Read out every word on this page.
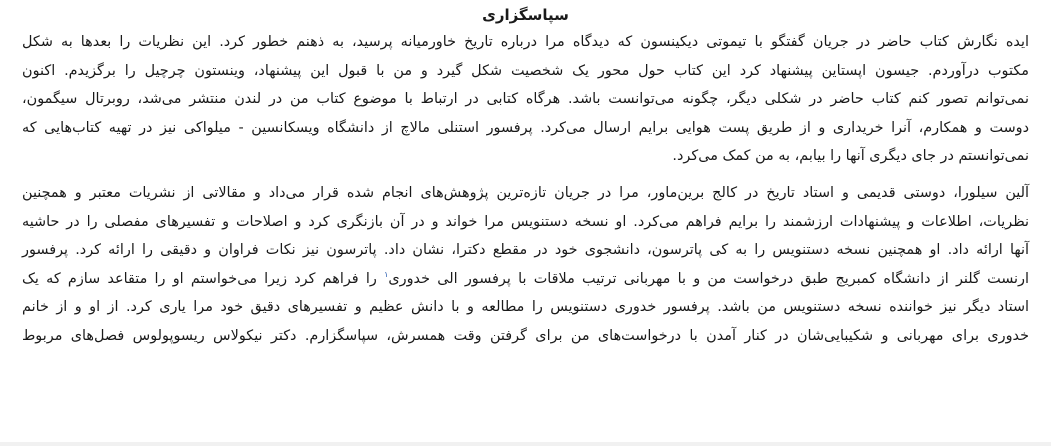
سپاسگزاری

ایده نگارش کتاب حاضر در جریان گفتگو با تیموتی دیکینسون که دیدگاه مرا درباره تاریخ خاورمیانه پرسید، به ذهنم خطور کرد. این نظریات را بعدها به شکل
مکتوب درآوردم. جیسون اپستاین پیشنهاد کرد این کتاب حول محور یک شخصیت شکل گیرد و من با قبول این پیشنهاد، وینستون چرچیل را برگزیدم. اکنون
نمی‌توانم تصور کنم کتاب حاضر در شکلی دیگر، چگونه می‌توانست باشد. هرگاه کتابی در ارتباط با موضوع کتاب من در لندن منتشر می‌شد، روبرتال سیگمون،
دوست و همکارم، آنرا خریداری و از طریق پست هوایی برایم ارسال می‌کرد. پرفسور استنلی مالاچ از دانشگاه ویسکانسین - میلواکی نیز در تهیه کتاب‌هایی که
نمی‌توانستم در جای دیگری آنها را بیابم، به من کمک می‌کرد.

آلین سیلورا، دوستی قدیمی و استاد تاریخ در کالج برین‌ماور، مرا در جریان تازه‌ترین پژوهش‌های انجام شده قرار می‌داد و مقالاتی از نشریات معتبر و همچنین
نظریات، اطلاعات و پیشنهادات ارزشمند را برایم فراهم می‌کرد. او نسخه دستنویس مرا خواند و در آن بازنگری کرد و اصلاحات و تفسیرهای مفصلی را در حاشیه
آنها ارائه داد. او همچنین نسخه دستنویس را به کی پاترسون، دانشجوی خود در مقطع دکترا، نشان داد. پاترسون نیز نکات فراوان و دقیقی را ارائه کرد. پرفسور
ارنست گلنر از دانشگاه کمبریج طبق درخواست من و با مهربانی ترتیب ملاقات با پرفسور الی خدوری$^۱$ را فراهم کرد زیرا می‌خواستم او را متقاعد سازم که یک
استاد دیگر نیز خواننده نسخه دستنویس من باشد. پرفسور خدوری دستنویس را مطالعه و با دانش عظیم و تفسیرهای دقیق خود مرا یاری کرد. از او و از خانم
خدوری برای مهربانی و شکیبایی‌شان در کنار آمدن با درخواست‌های من برای گرفتن وقت همسرش، سپاسگزارم. دکتر نیکولاس ریسوپولوس فصل‌های مربوط
